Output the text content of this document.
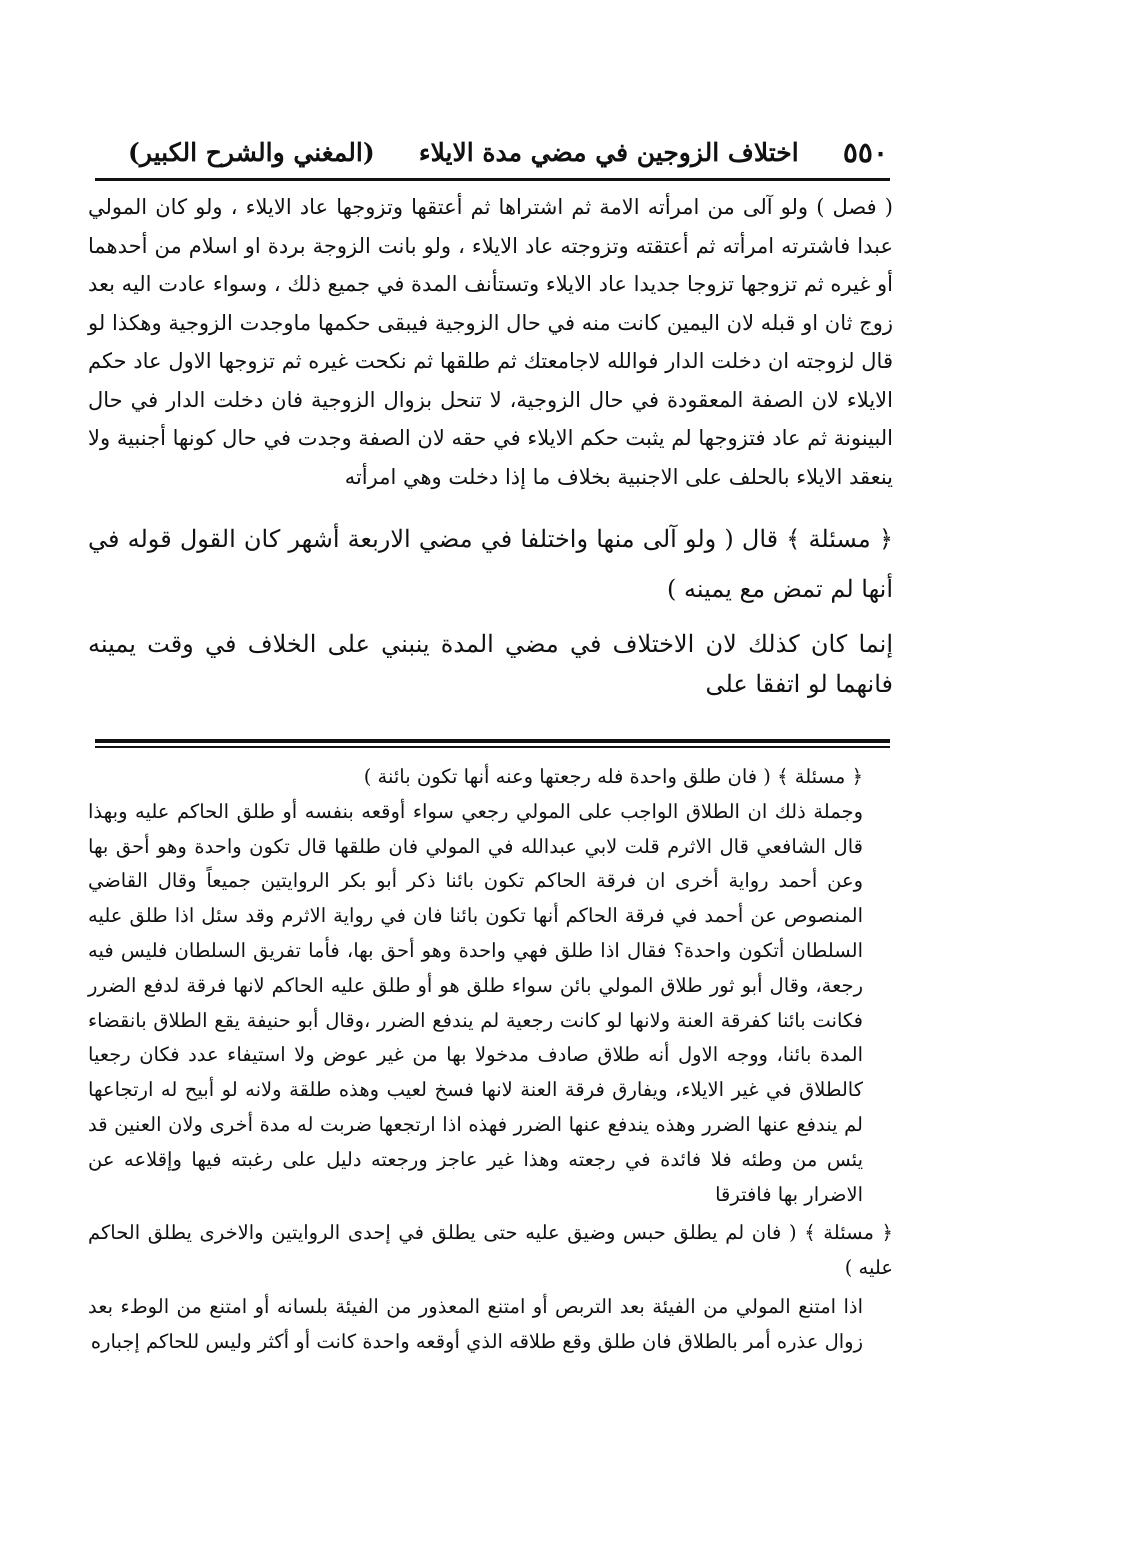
٥٥٠
اختلاف الزوجين في مضي مدة الايلاء
(المغني والشرح الكبير)

( فصل ) ولو آلى من امرأته الامة ثم اشتراها ثم أعتقها وتزوجها عاد الايلاء ، ولو كان المولي عبدا فاشترته امرأته ثم أعتقته وتزوجته عاد الايلاء ، ولو بانت الزوجة بردة او اسلام من أحدهما أو غيره ثم تزوجها تزوجا جديدا عاد الايلاء وتستأنف المدة في جميع ذلك ، وسواء عادت اليه بعد زوج ثان او قبله لان اليمين كانت منه في حال الزوجية فيبقى حكمها ماوجدت الزوجية وهكذا لو قال لزوجته ان دخلت الدار فوالله لاجامعتك ثم طلقها ثم نكحت غيره ثم تزوجها الاول عاد حكم الايلاء لان الصفة المعقودة في حال الزوجية، لا تنحل بزوال الزوجية فان دخلت الدار في حال البينونة ثم عاد فتزوجها لم يثبت حكم الايلاء في حقه لان الصفة وجدت في حال كونها أجنبية ولا ينعقد الايلاء بالحلف على الاجنبية بخلاف ما إذا دخلت وهي امرأته

﴿ مسئلة ﴾ قال ( ولو آلى منها واختلفا في مضي الاربعة أشهر كان القول قوله في أنها لم تمض مع يمينه )

إنما كان كذلك لان الاختلاف في مضي المدة ينبني على الخلاف في وقت يمينه فانهما لو اتفقا على

﴿ مسئلة ﴾ ( فان طلق واحدة فله رجعتها وعنه أنها تكون بائنة )

وجملة ذلك ان الطلاق الواجب على المولي رجعي سواء أوقعه بنفسه أو طلق الحاكم عليه وبهذا قال الشافعي قال الاثرم قلت لابي عبدالله في المولي فان طلقها قال تكون واحدة وهو أحق بها وعن أحمد رواية أخرى ان فرقة الحاكم تكون بائنا ذكر أبو بكر الروايتين جميعاً وقال القاضي المنصوص عن أحمد في فرقة الحاكم أنها تكون بائنا فان في رواية الاثرم وقد سئل اذا طلق عليه السلطان أتكون واحدة؟ فقال اذا طلق فهي واحدة وهو أحق بها، فأما تفريق السلطان فليس فيه رجعة، وقال أبو ثور طلاق المولي بائن سواء طلق هو أو طلق عليه الحاكم لانها فرقة لدفع الضرر فكانت بائنا كفرقة العنة ولانها لو كانت رجعية لم يندفع الضرر ،وقال أبو حنيفة يقع الطلاق بانقضاء المدة بائنا، ووجه الاول أنه طلاق صادف مدخولا بها من غير عوض ولا استيفاء عدد فكان رجعيا كالطلاق في غير الايلاء، ويفارق فرقة العنة لانها فسخ لعيب وهذه طلقة ولانه لو أبيح له ارتجاعها لم يندفع عنها الضرر وهذه يندفع عنها الضرر فهذه اذا ارتجعها ضربت له مدة أخرى ولان العنين قد يئس من وطئه فلا فائدة في رجعته وهذا غير عاجز ورجعته دليل على رغبته فيها وإقلاعه عن الاضرار بها فافترقا

﴿ مسئلة ﴾ ( فان لم يطلق حبس وضيق عليه حتى يطلق في إحدى الروايتين والاخرى يطلق الحاكم عليه )

اذا امتنع المولي من الفيئة بعد التربص أو امتنع المعذور من الفيئة بلسانه أو امتنع من الوطء بعد زوال عذره أمر بالطلاق فان طلق وقع طلاقه الذي أوقعه واحدة كانت أو أكثر وليس للحاكم إجباره
